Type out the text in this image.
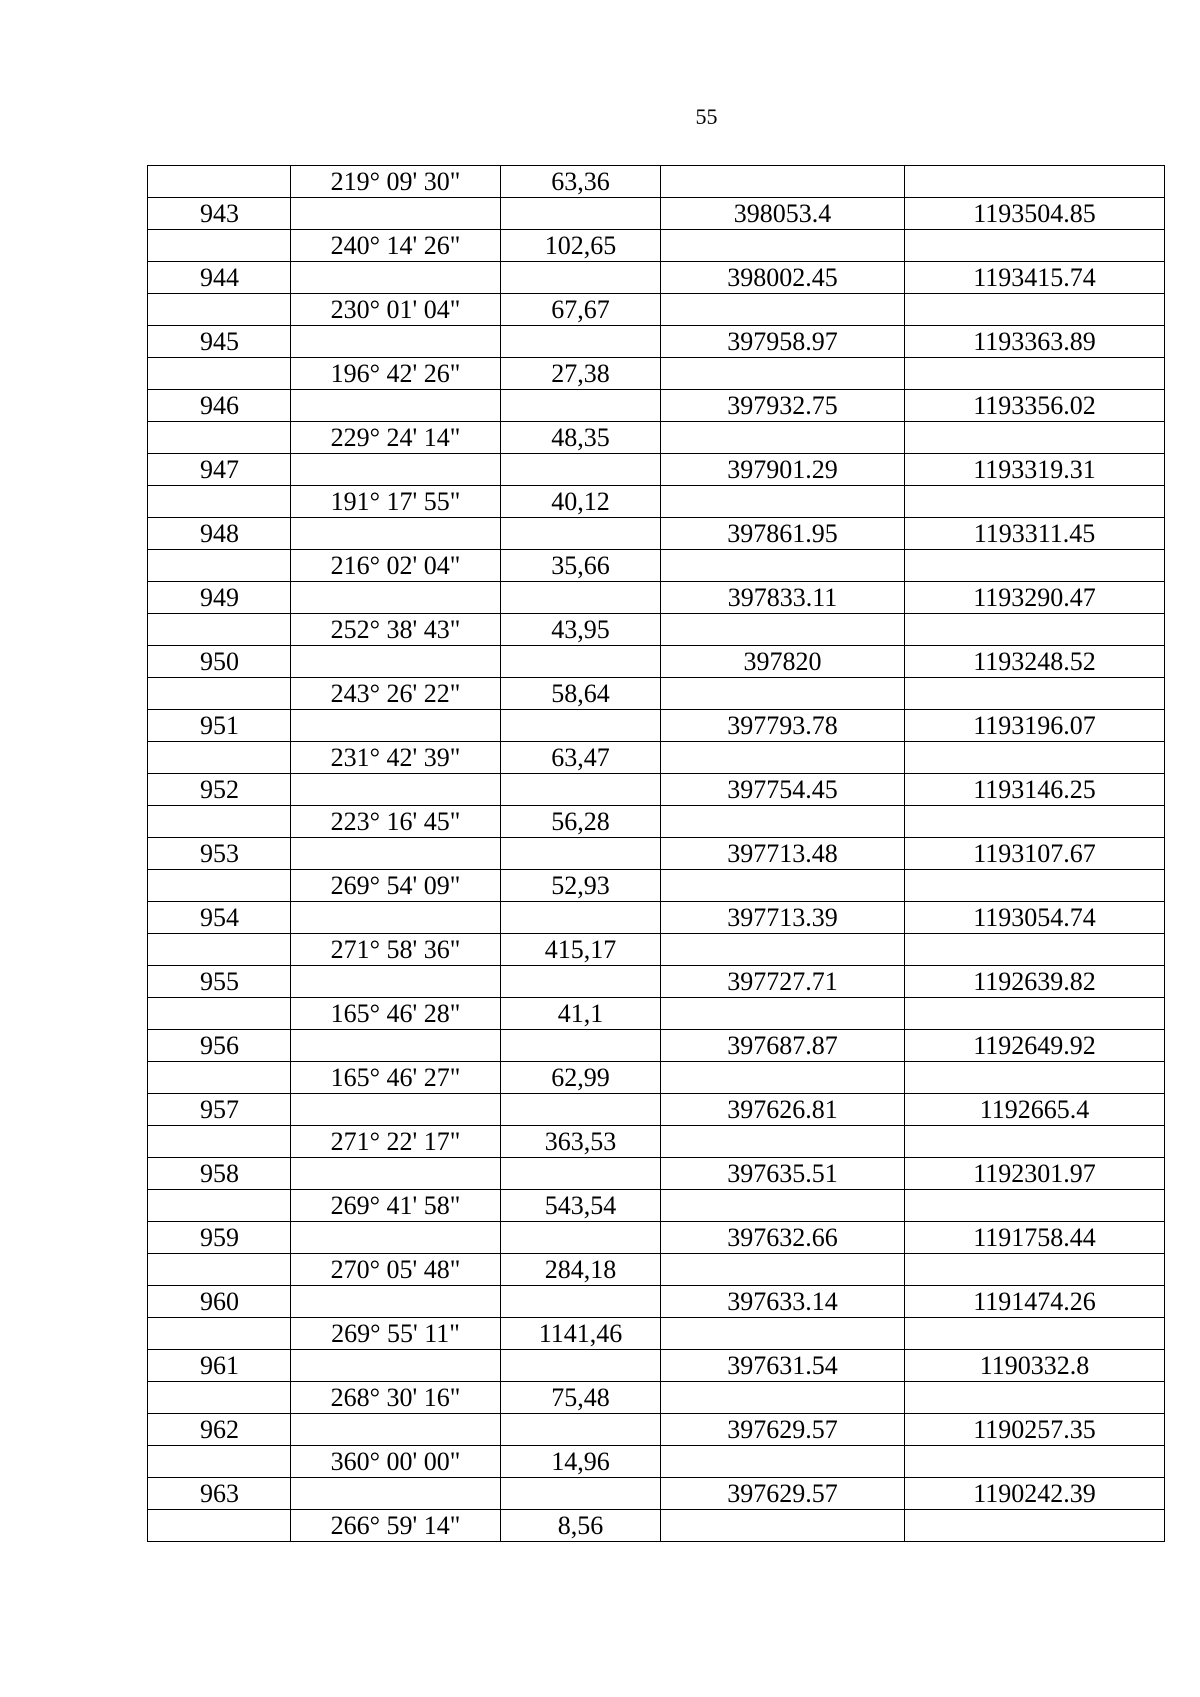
55
	219° 09' 30"	63,36		
943			398053.4	1193504.85
	240° 14' 26"	102,65		
944			398002.45	1193415.74
	230° 01' 04"	67,67		
945			397958.97	1193363.89
	196° 42' 26"	27,38		
946			397932.75	1193356.02
	229° 24' 14"	48,35		
947			397901.29	1193319.31
	191° 17' 55"	40,12		
948			397861.95	1193311.45
	216° 02' 04"	35,66		
949			397833.11	1193290.47
	252° 38' 43"	43,95		
950			397820	1193248.52
	243° 26' 22"	58,64		
951			397793.78	1193196.07
	231° 42' 39"	63,47		
952			397754.45	1193146.25
	223° 16' 45"	56,28		
953			397713.48	1193107.67
	269° 54' 09"	52,93		
954			397713.39	1193054.74
	271° 58' 36"	415,17		
955			397727.71	1192639.82
	165° 46' 28"	41,1		
956			397687.87	1192649.92
	165° 46' 27"	62,99		
957			397626.81	1192665.4
	271° 22' 17"	363,53		
958			397635.51	1192301.97
	269° 41' 58"	543,54		
959			397632.66	1191758.44
	270° 05' 48"	284,18		
960			397633.14	1191474.26
	269° 55' 11"	1141,46		
961			397631.54	1190332.8
	268° 30' 16"	75,48		
962			397629.57	1190257.35
	360° 00' 00"	14,96		
963			397629.57	1190242.39
	266° 59' 14"	8,56		
